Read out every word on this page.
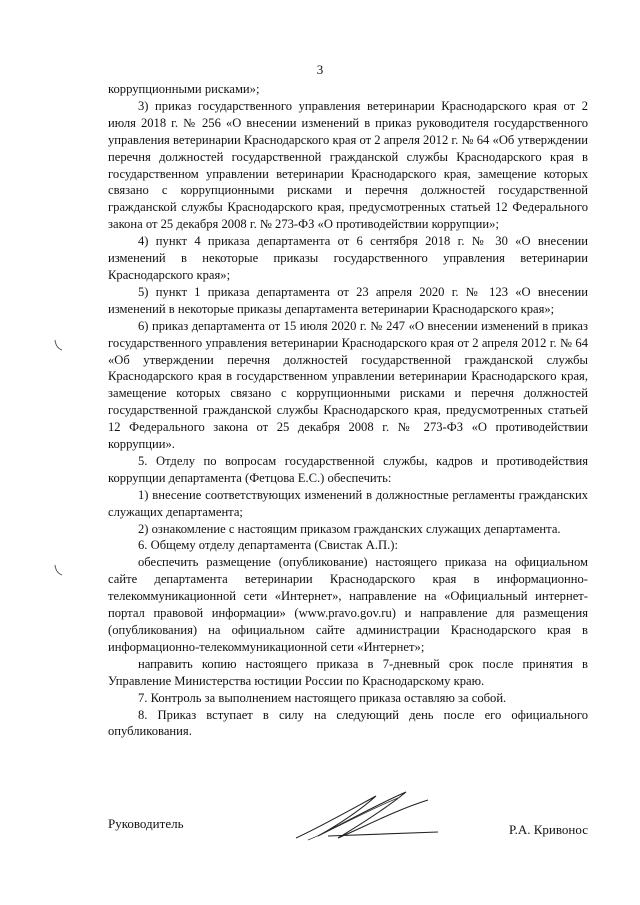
3

коррупционными рисками»;

3) приказ государственного управления ветеринарии Краснодарского края от 2 июля 2018 г. № 256 «О внесении изменений в приказ руководителя государственного управления ветеринарии Краснодарского края от 2 апреля 2012 г. № 64 «Об утверждении перечня должностей государственной гражданской службы Краснодарского края в государственном управлении ветеринарии Краснодарского края, замещение которых связано с коррупционными рисками и перечня должностей государственной гражданской службы Краснодарского края, предусмотренных статьей 12 Федерального закона от 25 декабря 2008 г. № 273-ФЗ «О противодействии коррупции»;

4) пункт 4 приказа департамента от 6 сентября 2018 г. № 30 «О внесении изменений в некоторые приказы государственного управления ветеринарии Краснодарского края»;

5) пункт 1 приказа департамента от 23 апреля 2020 г. № 123 «О внесении изменений в некоторые приказы департамента ветеринарии Краснодарского края»;

6) приказ департамента от 15 июля 2020 г. № 247 «О внесении изменений в приказ государственного управления ветеринарии Краснодарского края от 2 апреля 2012 г. № 64 «Об утверждении перечня должностей государственной гражданской службы Краснодарского края в государственном управлении ветеринарии Краснодарского края, замещение которых связано с коррупционными рисками и перечня должностей государственной гражданской службы Краснодарского края, предусмотренных статьей 12 Федерального закона от 25 декабря 2008 г. № 273-ФЗ «О противодействии коррупции».

5. Отделу по вопросам государственной службы, кадров и противодействия коррупции департамента (Фетцова Е.С.) обеспечить:

1) внесение соответствующих изменений в должностные регламенты гражданских служащих департамента;

2) ознакомление с настоящим приказом гражданских служащих департамента.

6. Общему отделу департамента (Свистак А.П.):

обеспечить размещение (опубликование) настоящего приказа на официальном сайте департамента ветеринарии Краснодарского края в информационно-телекоммуникационной сети «Интернет», направление на «Официальный интернет-портал правовой информации» (www.pravo.gov.ru) и направление для размещения (опубликования) на официальном сайте администрации Краснодарского края в информационно-телекоммуникационной сети «Интернет»;

направить копию настоящего приказа в 7-дневный срок после принятия в Управление Министерства юстиции России по Краснодарскому краю.

7. Контроль за выполнением настоящего приказа оставляю за собой.

8. Приказ вступает в силу на следующий день после его официального опубликования.

Руководитель	Р.А. Кривонос
